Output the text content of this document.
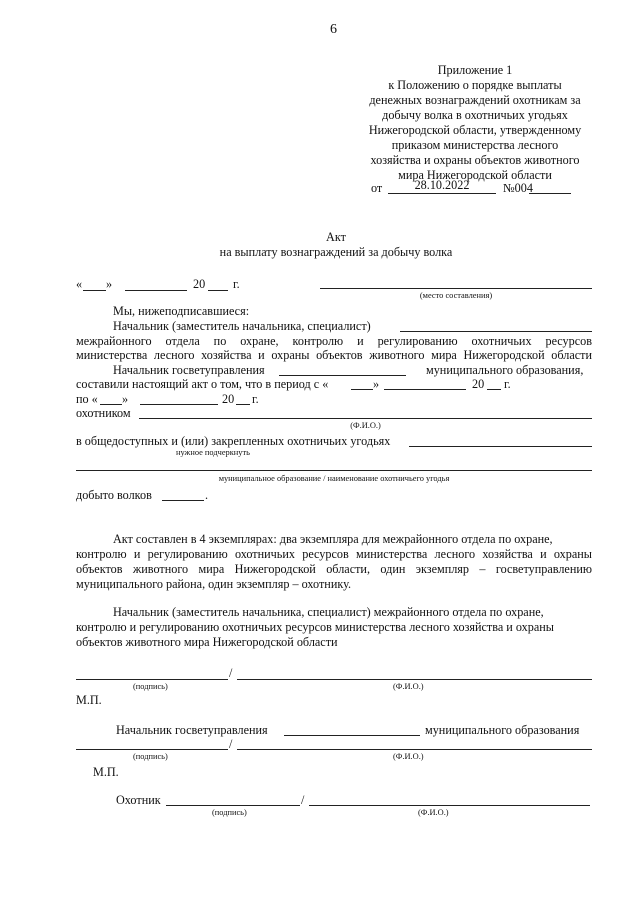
6
Приложение 1
к Положению о порядке выплаты
денежных вознаграждений охотникам за
добычу волка в охотничьих угодьях
Нижегородской области, утвержденному
приказом министерства лесного
хозяйства и охраны объектов животного
мира Нижегородской области
от	28.10.2022	№004
Акт
на выплату вознаграждений за добычу волка
« »	20 г.
(место составления)
Мы, нижеподписавшиеся:
Начальник (заместитель начальника, специалист)
межрайонного отдела по охране, контролю и регулированию охотничьих ресурсов
министерства лесного хозяйства и охраны объектов животного мира Нижегородской области
Начальник госветуправления	муниципального образования,
составили настоящий акт о том, что в период с «	»	20 г.
по « »	20 г.
охотником
(Ф.И.О.)
в общедоступных и (или) закрепленных охотничьих угодьях
нужное подчеркнуть
муниципальное образование / наименование охотничьего угодья
добыто волков	.
Акт составлен в 4 экземплярах: два экземпляра для межрайонного отдела по охране,
контролю и регулированию охотничьих ресурсов министерства лесного хозяйства и охраны
объектов животного мира Нижегородской области, один экземпляр – госветуправлению
муниципального района, один экземпляр – охотнику.
Начальник (заместитель начальника, специалист) межрайонного отдела по охране,
контролю и регулированию охотничьих ресурсов министерства лесного хозяйства и охраны
объектов животного мира Нижегородской области
/
(подпись)	(Ф.И.О.)
М.П.
Начальник госветуправления	муниципального образования
/
(подпись)	(Ф.И.О.)
М.П.
Охотник	/
(подпись)	(Ф.И.О.)
